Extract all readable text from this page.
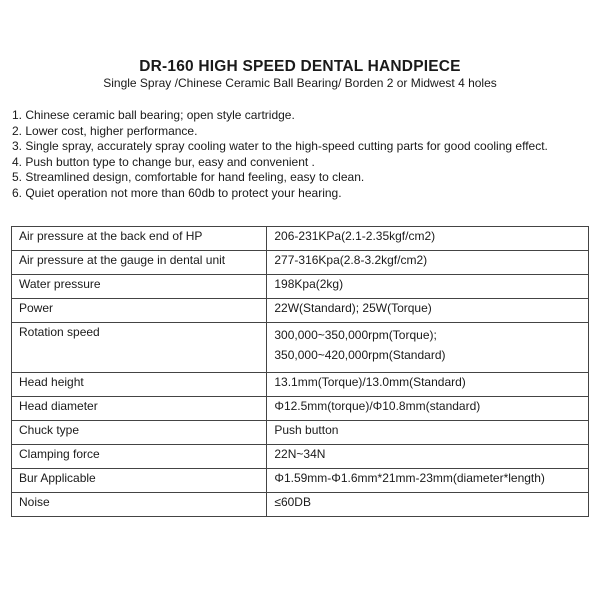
DR-160 HIGH SPEED DENTAL HANDPIECE
Single Spray /Chinese Ceramic Ball Bearing/ Borden 2 or Midwest 4 holes
1. Chinese ceramic ball bearing; open style cartridge.
2. Lower cost, higher performance.
3. Single spray, accurately spray cooling water to the high-speed cutting parts for good cooling effect.
4. Push button type to change bur, easy and convenient .
5. Streamlined design, comfortable for hand feeling, easy to clean.
6. Quiet operation not more than 60db to protect your hearing.
Air pressure at the back end of HP	206-231KPa(2.1-2.35kgf/cm2)
Air pressure at the gauge in dental unit	277-316Kpa(2.8-3.2kgf/cm2)
Water pressure	198Kpa(2kg)
Power	22W(Standard); 25W(Torque)
Rotation speed	300,000~350,000rpm(Torque);
350,000~420,000rpm(Standard)

Head height	13.1mm(Torque)/13.0mm(Standard)
Head diameter	Φ12.5mm(torque)/Φ10.8mm(standard)
Chuck type	Push button
Clamping force	22N~34N
Bur Applicable	Φ1.59mm-Φ1.6mm*21mm-23mm(diameter*length)
Noise	≤60DB
